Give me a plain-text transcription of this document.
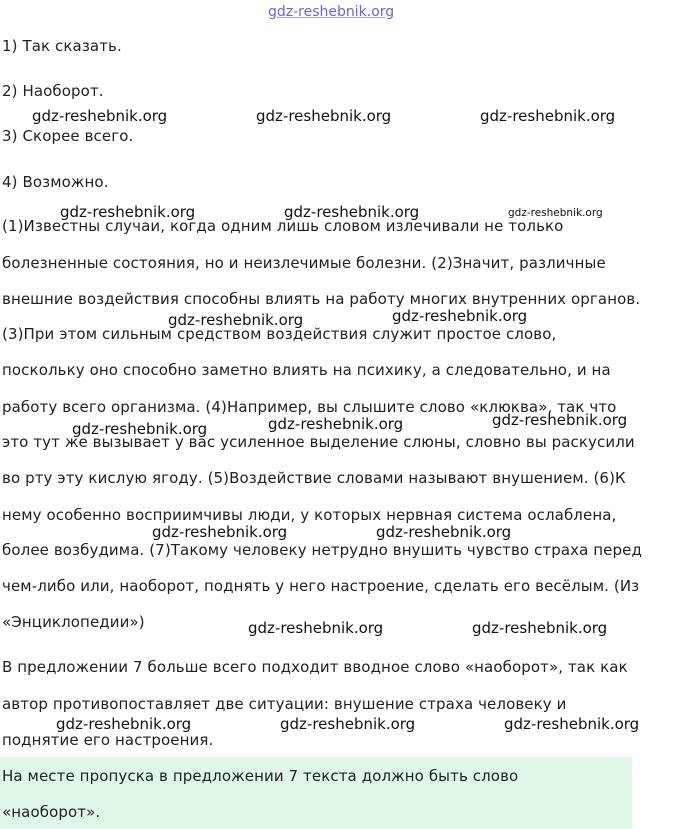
gdz-reshebnik.org
1) Так сказать.
2) Наоборот.
3) Скорее всего.
4) Возможно.
(1)Известны случаи, когда одним лишь словом излечивали не только
болезненные состояния, но и неизлечимые болезни. (2)Значит, различные
внешние воздействия способны влиять на работу многих внутренних органов.
(3)При этом сильным средством воздействия служит простое слово,
поскольку оно способно заметно влиять на психику, а следовательно, и на
работу всего организма. (4)Например, вы слышите слово «клюква», так что
это тут же вызывает у вас усиленное выделение слюны, словно вы раскусили
во рту эту кислую ягоду. (5)Воздействие словами называют внушением. (6)К
нему особенно восприимчивы люди, у которых нервная система ослаблена,
более возбудима. (7)Такому человеку нетрудно внушить чувство страха перед
чем-либо или, наоборот, поднять у него настроение, сделать его весёлым. (Из
«Энциклопедии»)
В предложении 7 больше всего подходит вводное слово «наоборот», так как
автор противопоставляет две ситуации: внушение страха человеку и
поднятие его настроения.
На месте пропуска в предложении 7 текста должно быть слово
«наоборот».
gdz-reshebnik.org	gdz-reshebnik.org	gdz-reshebnik.org
gdz-reshebnik.org	gdz-reshebnik.org	gdz-reshebnik.org
gdz-reshebnik.org	gdz-reshebnik.org
gdz-reshebnik.org	gdz-reshebnik.org	gdz-reshebnik.org
gdz-reshebnik.org	gdz-reshebnik.org
gdz-reshebnik.org	gdz-reshebnik.org
gdz-reshebnik.org	gdz-reshebnik.org	gdz-reshebnik.org
